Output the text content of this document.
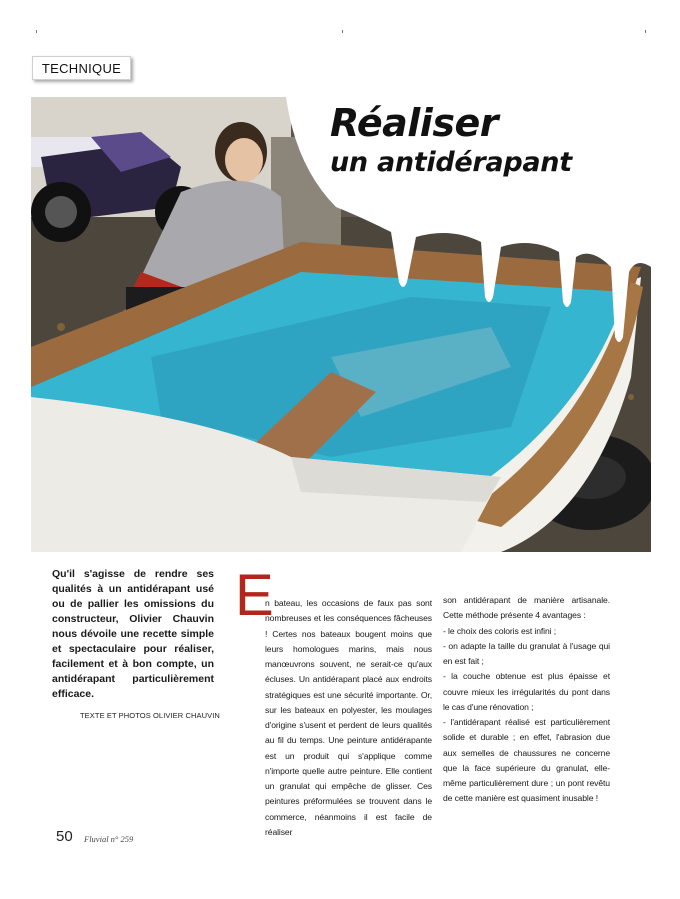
TECHNIQUE
Réaliser
un antidérapant
Qu'il s'agisse de rendre ses qualités à un antidérapant usé ou de pallier les omissions du constructeur, Olivier Chauvin nous dévoile une recette simple et spectaculaire pour réaliser, facilement et à bon compte, un antidérapant particulièrement efficace.
TEXTE ET PHOTOS OLIVIER CHAUVIN
E

n bateau, les occasions de faux pas sont nombreuses et les conséquences fâcheuses ! Certes nos bateaux bougent moins que leurs homologues marins, mais nous manœuvrons souvent, ne serait-ce qu'aux écluses. Un antidérapant placé aux endroits stratégiques est une sécurité importante. Or, sur les bateaux en polyester, les moulages d'origine s'usent et perdent de leurs qualités au fil du temps. Une peinture antidérapante est un produit qui s'applique comme n'importe quelle autre peinture. Elle contient un granulat qui empêche de glisser. Ces peintures préformulées se trouvent dans le commerce, néanmoins il est facile de réaliser

son antidérapant de manière artisanale. Cette méthode présente 4 avantages :

- le choix des coloris est infini ;

- on adapte la taille du granulat à l'usage qui en est fait ;

- la couche obtenue est plus épaisse et couvre mieux les irrégularités du pont dans le cas d'une rénovation ;

- l'antidérapant réalisé est particulièrement solide et durable ; en effet, l'abrasion due aux semelles de chaussures ne concerne que la face supérieure du granulat, elle-même particulièrement dure ; un pont revêtu de cette manière est quasiment inusable !

50 Fluvial n° 259
